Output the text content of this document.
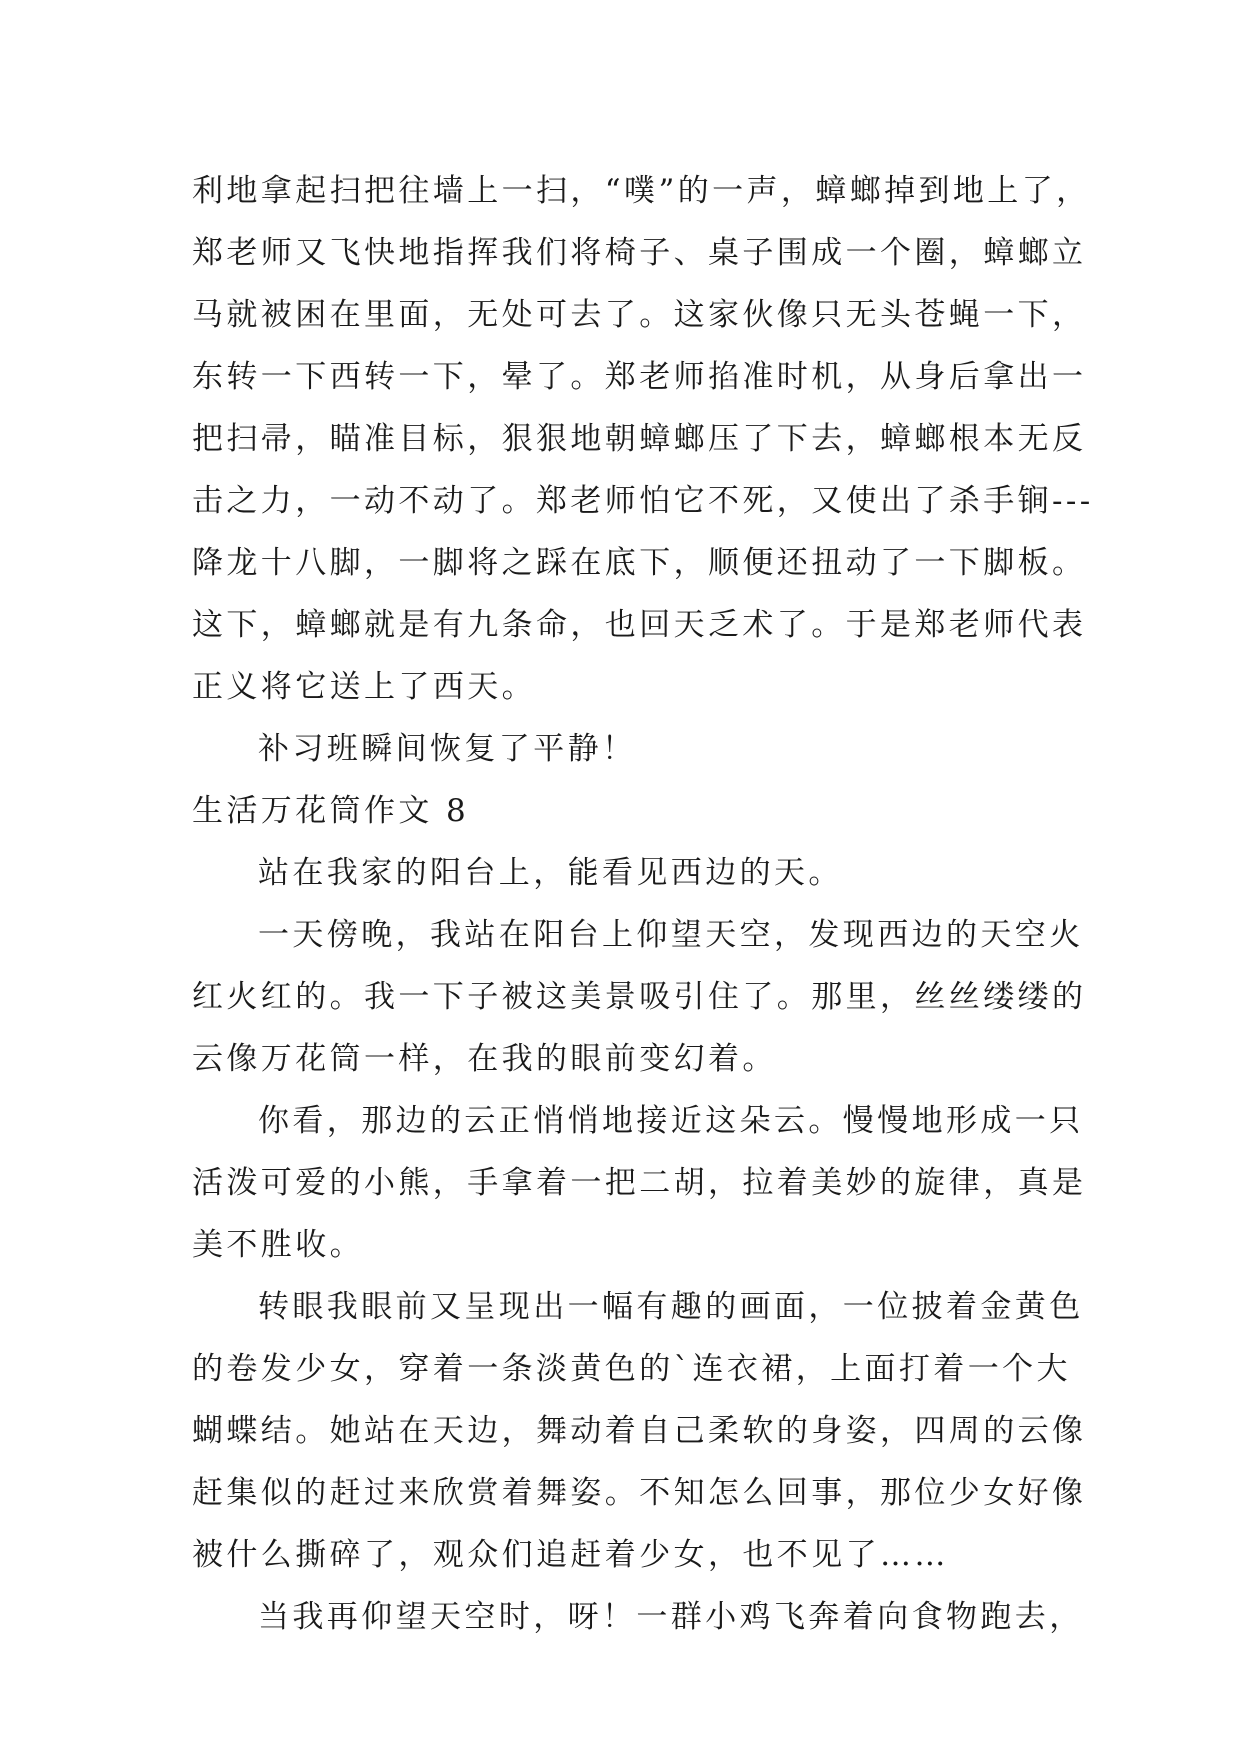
利地拿起扫把往墙上一扫，“噗”的一声，蟑螂掉到地上了，
郑老师又飞快地指挥我们将椅子、桌子围成一个圈，蟑螂立
马就被困在里面，无处可去了。这家伙像只无头苍蝇一下，
东转一下西转一下，晕了。郑老师掐准时机，从身后拿出一
把扫帚，瞄准目标，狠狠地朝蟑螂压了下去，蟑螂根本无反
击之力，一动不动了。郑老师怕它不死，又使出了杀手锏---
降龙十八脚，一脚将之踩在底下，顺便还扭动了一下脚板。
这下，蟑螂就是有九条命，也回天乏术了。于是郑老师代表
正义将它送上了西天。
补习班瞬间恢复了平静！
生活万花筒作文 8
站在我家的阳台上，能看见西边的天。
一天傍晚，我站在阳台上仰望天空，发现西边的天空火
红火红的。我一下子被这美景吸引住了。那里，丝丝缕缕的
云像万花筒一样，在我的眼前变幻着。
你看，那边的云正悄悄地接近这朵云。慢慢地形成一只
活泼可爱的小熊，手拿着一把二胡，拉着美妙的旋律，真是
美不胜收。
转眼我眼前又呈现出一幅有趣的画面，一位披着金黄色
的卷发少女，穿着一条淡黄色的`连衣裙，上面打着一个大
蝴蝶结。她站在天边，舞动着自己柔软的身姿，四周的云像
赶集似的赶过来欣赏着舞姿。不知怎么回事，那位少女好像
被什么撕碎了，观众们追赶着少女，也不见了……
当我再仰望天空时，呀！一群小鸡飞奔着向食物跑去，
